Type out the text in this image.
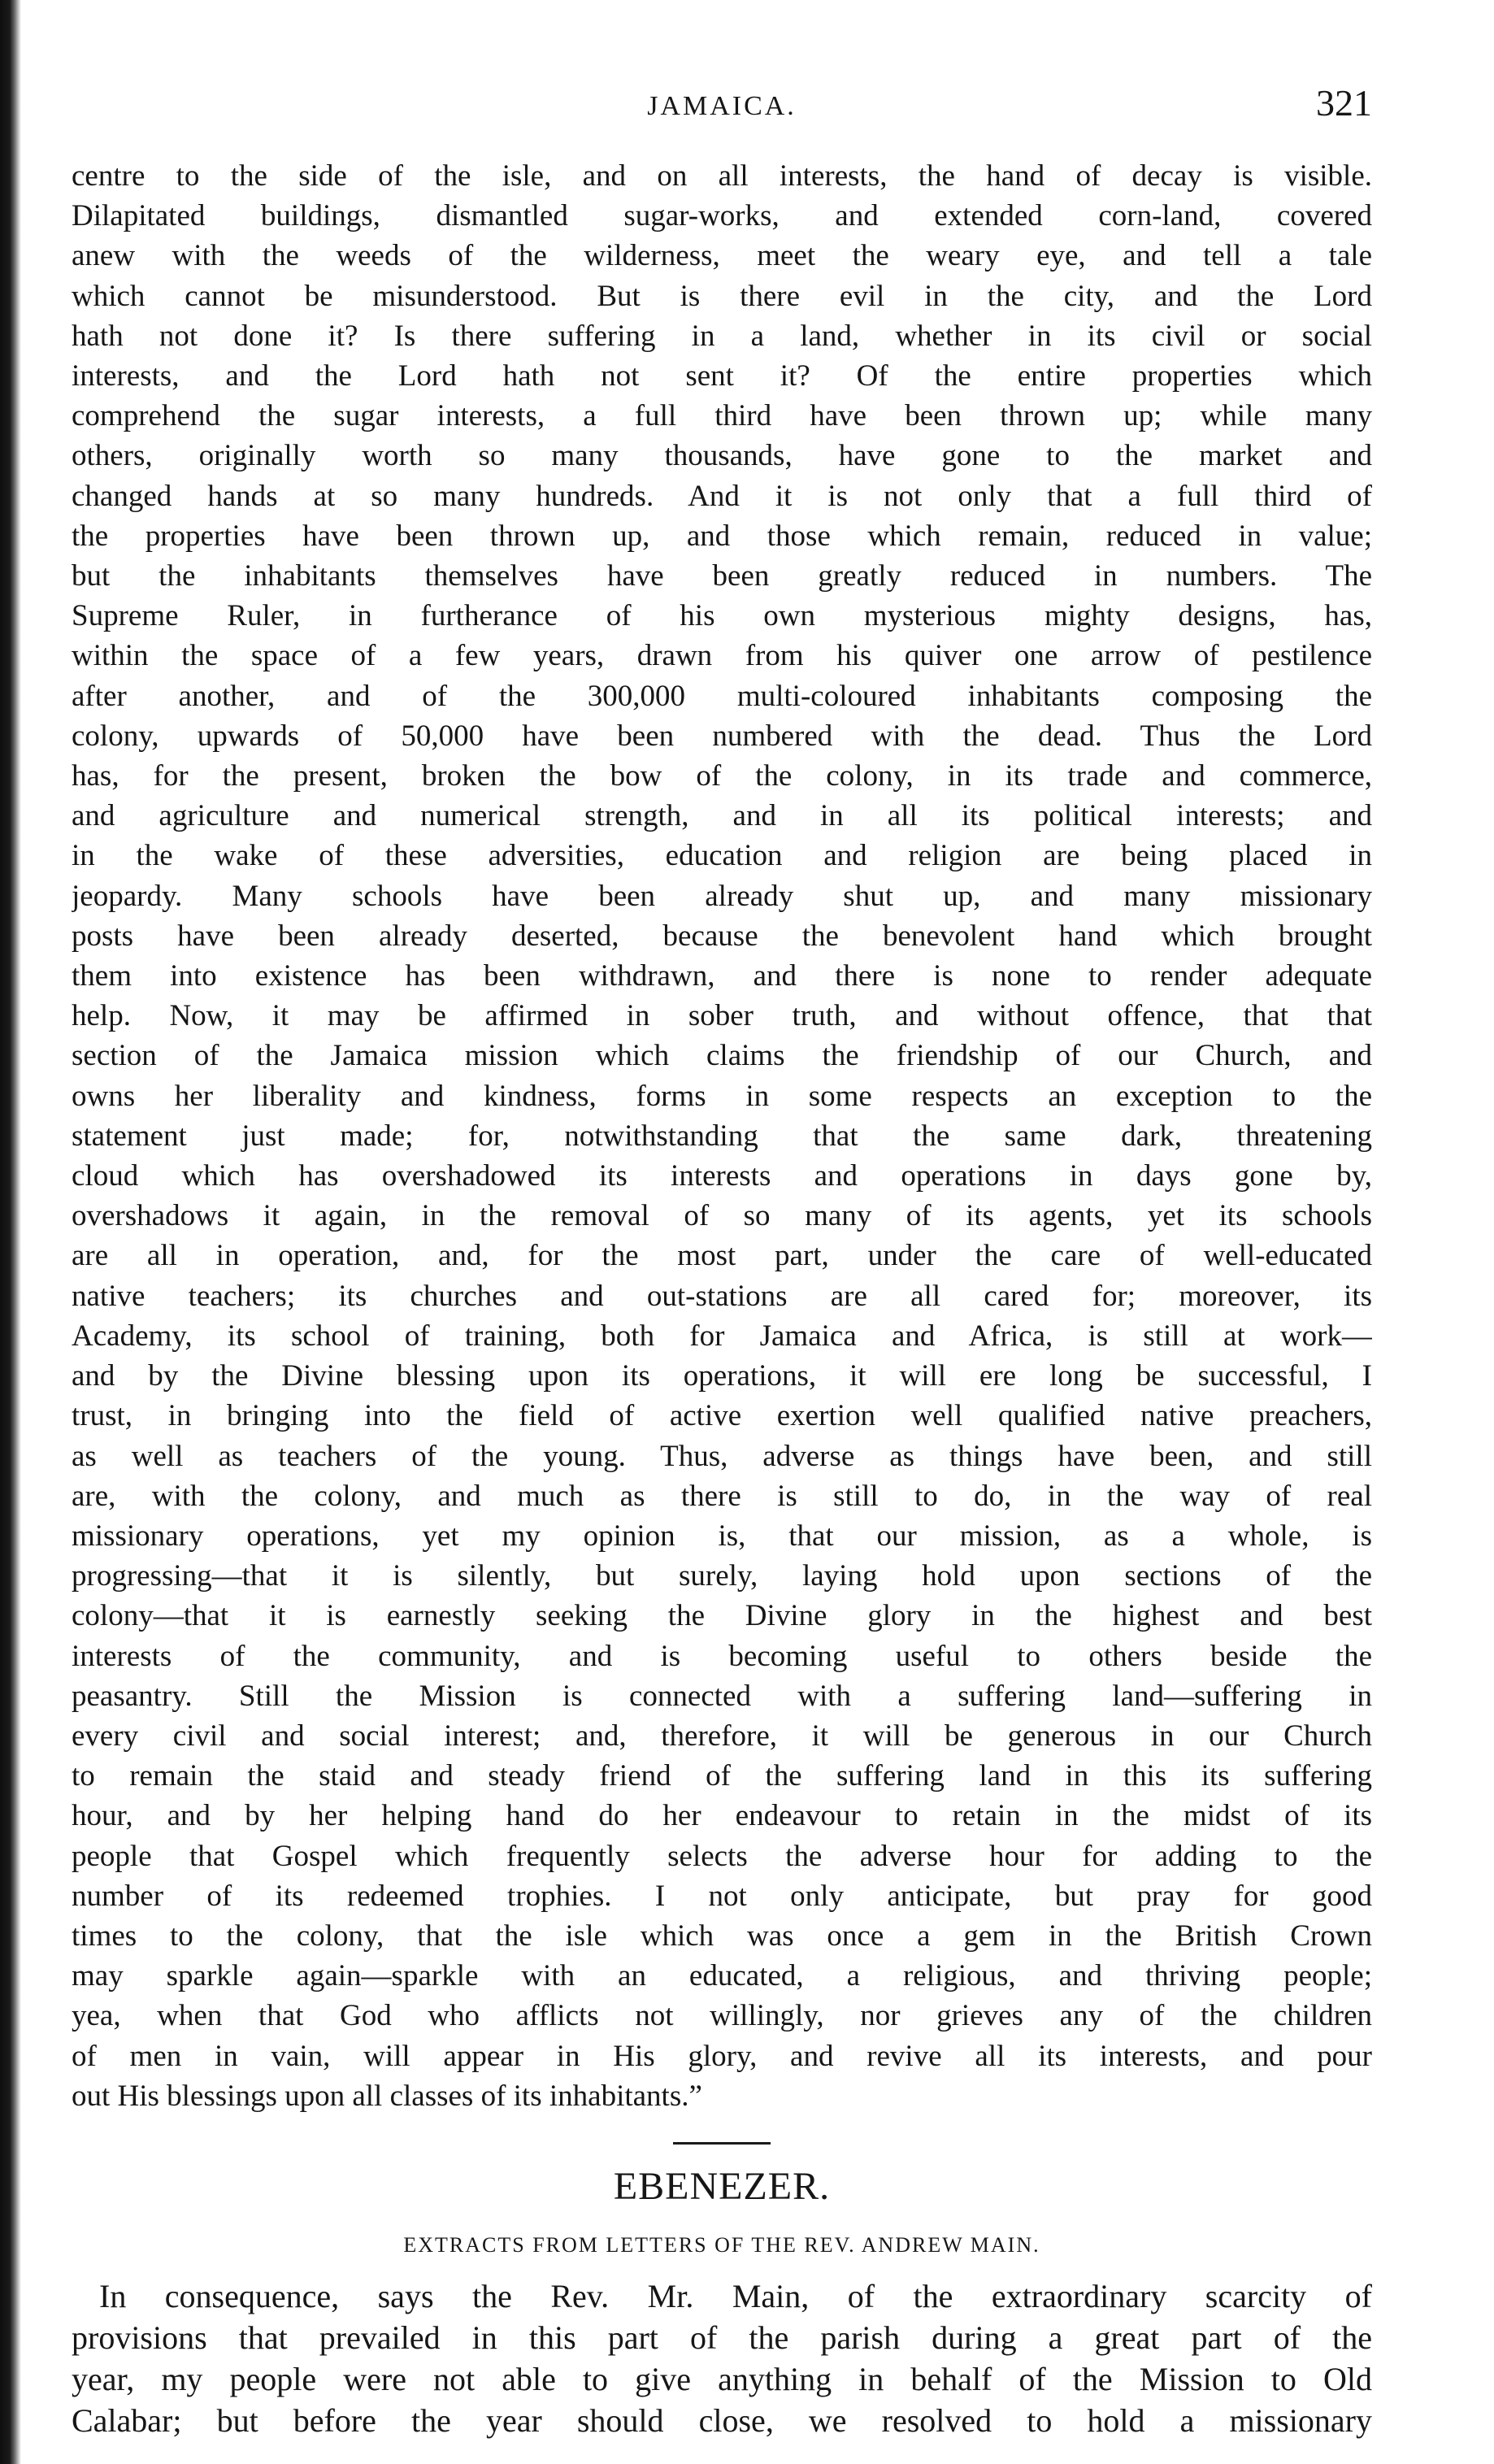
JAMAICA.	321

centre to the side of the isle, and on all interests, the hand of decay is visible.

Dilapitated buildings, dismantled sugar-works, and extended corn-land, covered

anew with the weeds of the wilderness, meet the weary eye, and tell a tale

which cannot be misunderstood. But is there evil in the city, and the Lord

hath not done it? Is there suffering in a land, whether in its civil or social

interests, and the Lord hath not sent it? Of the entire properties which

comprehend the sugar interests, a full third have been thrown up; while many

others, originally worth so many thousands, have gone to the market and

changed hands at so many hundreds. And it is not only that a full third of

the properties have been thrown up, and those which remain, reduced in value;

but the inhabitants themselves have been greatly reduced in numbers. The

Supreme Ruler, in furtherance of his own mysterious mighty designs, has,

within the space of a few years, drawn from his quiver one arrow of pestilence

after another, and of the 300,000 multi-coloured inhabitants composing the

colony, upwards of 50,000 have been numbered with the dead. Thus the Lord

has, for the present, broken the bow of the colony, in its trade and commerce,

and agriculture and numerical strength, and in all its political interests; and

in the wake of these adversities, education and religion are being placed in

jeopardy. Many schools have been already shut up, and many missionary

posts have been already deserted, because the benevolent hand which brought

them into existence has been withdrawn, and there is none to render adequate

help. Now, it may be affirmed in sober truth, and without offence, that that

section of the Jamaica mission which claims the friendship of our Church, and

owns her liberality and kindness, forms in some respects an exception to the

statement just made; for, notwithstanding that the same dark, threatening

cloud which has overshadowed its interests and operations in days gone by,

overshadows it again, in the removal of so many of its agents, yet its schools

are all in operation, and, for the most part, under the care of well-educated

native teachers; its churches and out-stations are all cared for; moreover, its

Academy, its school of training, both for Jamaica and Africa, is still at work—

and by the Divine blessing upon its operations, it will ere long be successful, I

trust, in bringing into the field of active exertion well qualified native preachers,

as well as teachers of the young. Thus, adverse as things have been, and still

are, with the colony, and much as there is still to do, in the way of real

missionary operations, yet my opinion is, that our mission, as a whole, is

progressing—that it is silently, but surely, laying hold upon sections of the

colony—that it is earnestly seeking the Divine glory in the highest and best

interests of the community, and is becoming useful to others beside the

peasantry. Still the Mission is connected with a suffering land—suffering in

every civil and social interest; and, therefore, it will be generous in our Church

to remain the staid and steady friend of the suffering land in this its suffering

hour, and by her helping hand do her endeavour to retain in the midst of its

people that Gospel which frequently selects the adverse hour for adding to the

number of its redeemed trophies. I not only anticipate, but pray for good

times to the colony, that the isle which was once a gem in the British Crown

may sparkle again—sparkle with an educated, a religious, and thriving people;

yea, when that God who afflicts not willingly, nor grieves any of the children

of men in vain, will appear in His glory, and revive all its interests, and pour

out His blessings upon all classes of its inhabitants.”

EBENEZER.
EXTRACTS FROM LETTERS OF THE REV. ANDREW MAIN.

In consequence, says the Rev. Mr. Main, of the extraordinary scarcity of

provisions that prevailed in this part of the parish during a great part of the

year, my people were not able to give anything in behalf of the Mission to Old

Calabar; but before the year should close, we resolved to hold a missionary
